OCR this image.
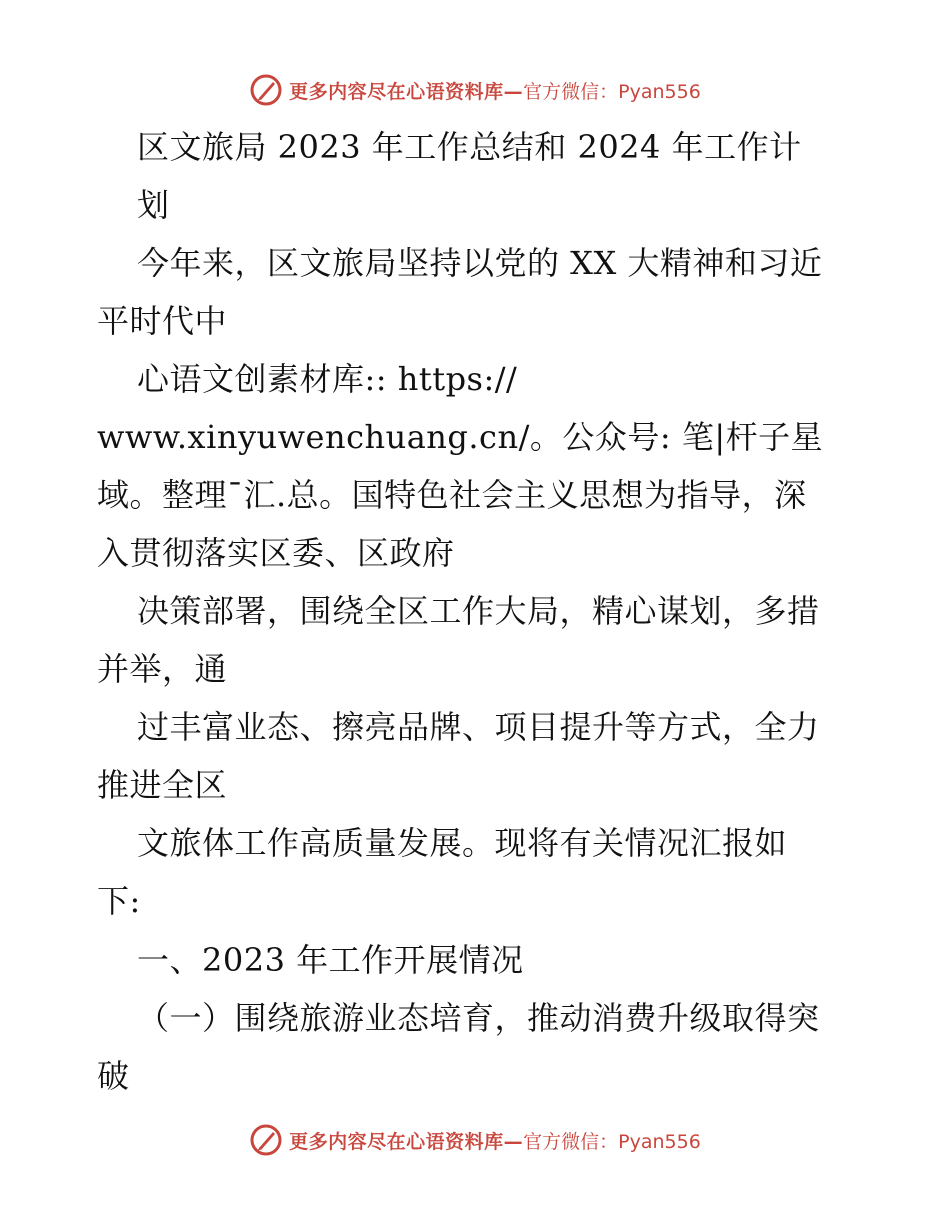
更多内容尽在心语资料库— 官方微信：Pyan556
区文旅局 2023 年工作总结和 2024 年工作计
划
今年来，区文旅局坚持以党的 XX 大精神和习近
平时代中
心语文创素材库:: https://
www.xinyuwenchuang.cn/。公众号: 笔|杆子星
域。整理¯汇.总。国特色社会主义思想为指导，深
入贯彻落实区委、区政府
决策部署，围绕全区工作大局，精心谋划，多措
并举，通
过丰富业态、擦亮品牌、项目提升等方式，全力
推进全区
文旅体工作高质量发展。现将有关情况汇报如
下:
一、2023 年工作开展情况
（一）围绕旅游业态培育，推动消费升级取得突
破
更多内容尽在心语资料库— 官方微信：Pyan556
